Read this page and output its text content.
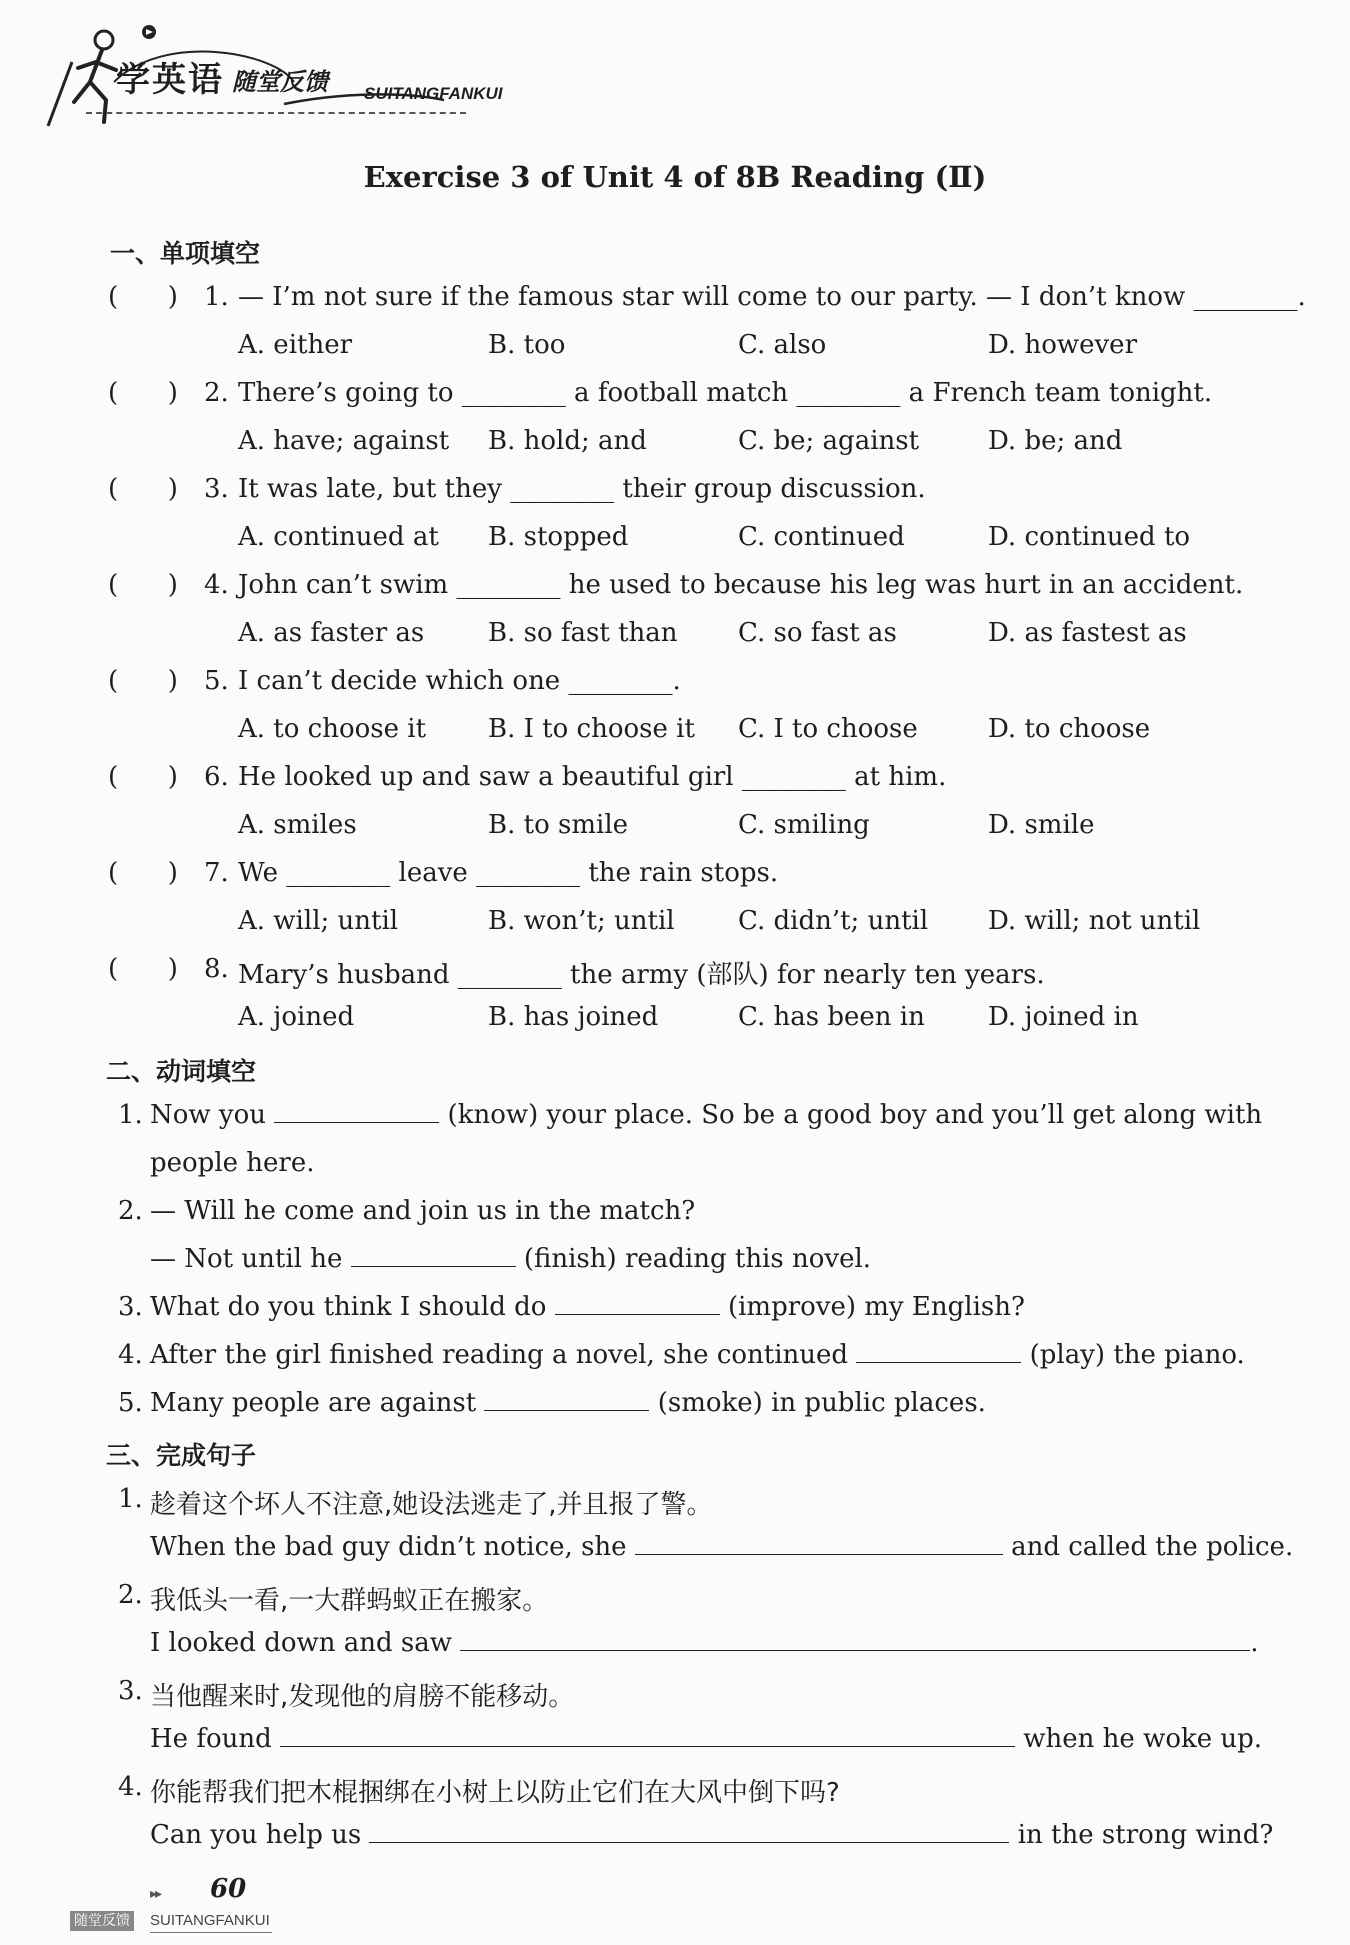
学英语 随堂反馈 SUITANGFANKUI
Exercise 3 of Unit 4 of 8B Reading (Ⅱ)
一、单项填空
(      ) 1. — I’m not sure if the famous star will come to our party. — I don’t know ________.
A. either	B. too	C. also	D. however
(      ) 2. There’s going to ________ a football match ________ a French team tonight.
A. have; against B. hold; and	C. be; against	D. be; and
(      ) 3. It was late, but they ________ their group discussion.
A. continued at B. stopped	C. continued	D. continued to
(      ) 4. John can’t swim ________ he used to because his leg was hurt in an accident.
A. as faster as B. so fast than C. so fast as	D. as fastest as
(      ) 5. I can’t decide which one ________.
A. to choose it B. I to choose it C. I to choose	D. to choose
(      ) 6. He looked up and saw a beautiful girl ________ at him.
A. smiles	B. to smile	C. smiling	D. smile
(      ) 7. We ________ leave ________ the rain stops.
A. will; until	B. won’t; until C. didn’t; until D. will; not until
(      ) 8. Mary’s husband ________ the army (部队) for nearly ten years.
A. joined	B. has joined	C. has been in D. joined in
二、动词填空
1. Now you	(know) your place. So be a good boy and you’ll get along with
people here.
2. — Will he come and join us in the match?
— Not until he	(finish) reading this novel.
3. What do you think I should do	(improve) my English?
4. After the girl finished reading a novel, she continued	(play) the piano.
5. Many people are against	(smoke) in public places.
三、完成句子
1. 趁着这个坏人不注意,她设法逃走了,并且报了警。
When the bad guy didn’t notice, she	and called the police.
2. 我低头一看,一大群蚂蚁正在搬家。
I looked down and saw	.
3. 当他醒来时,发现他的肩膀不能移动。
He found	when he woke up.
4. 你能帮我们把木棍捆绑在小树上以防止它们在大风中倒下吗?
Can you help us	in the strong wind?
▸▸ 60
随堂反馈 SUITANGFANKUI
